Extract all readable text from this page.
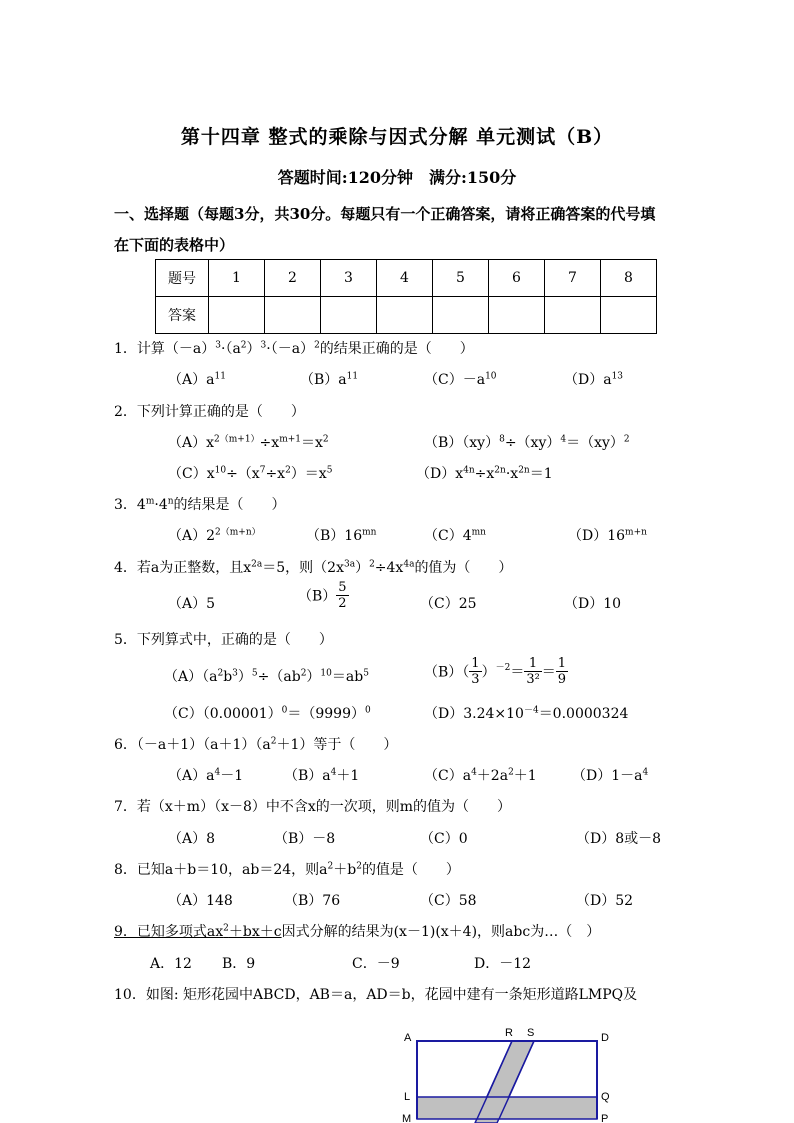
第十四章 整式的乘除与因式分解 单元测试（B）
答题时间:120分钟　满分:150分
一、选择题（每题3分，共30分。每题只有一个正确答案，请将正确答案的代号填
在下面的表格中）
题号	1	2	3	4	5	6	7	8
答案								
1．计算$(-a)^3\cdot(a^2)^3\cdot(-a)^2$的结果正确的是（　　）
$(A)a^{11}$	$(B)a^{11}$	$(C)-a^{10}$	$(D)a^{13}$
2．下列计算正确的是（　　）
$(A)x^{2(m+1)}\div x^{m+1}=x^2$	（B）（xy）$^8$÷（xy）$^4$＝（xy）$^2$
$(C)x^{10}\div(x^7\div x^2)=x^5$	$(D)x^{4n}\div x^{2n}\cdot x^{2n}=1$
3．$4^m\cdot 4^n$的结果是（　　）
$(A)2^{2(m+n)}$	$(B)16^{mn}$	$(C)4^{mn}$	$(D)16^{m+n}$
4．若a为正整数，且$x^{2a}=5$，则$(2x^{3a})^2\div 4x^{4a}$的值为（　　）
（A）5	$(B) \frac{5}{2}$	（C）25	（D）10
5．下列算式中，正确的是（　　）
$(A)(a^2b^3)^5\div(ab^2)^{10}=ab^5$	$(B)( \frac{1}{3} )^{-2}= \frac{1}{\text{3²}} = \frac{1}{9}$
$(C)(0.00001)^0=(9999)^0$	$(D)3.24\times 10^{-4}=0.0000324$
6．$(-a+1)(a+1)(a^2+1)$等于（　　）
$(A)a^4-1$	$(B)a^4+1$	$(C)a^4+2a^2+1$	$(D)1-a^4$
7．若（x＋m）（x－8）中不含x的一次项，则m的值为（　　）
（A）8	（B）－8	（C）0	（D）8或－8
8．已知a＋b＝10，ab＝24，则$a^2+b^2$的值是（　　）
（A）148	（B）76	（C）58	（D）52
9．已知多项式$ax^2+bx+c$因式分解的结果为(x－1)(x＋4)，则abc为…（　）
A．12 B．9	C．－9	D．－12
10．如图: 矩形花园中ABCD，AB＝a，AD＝b，花园中建有一条矩形道路LMPQ及
A	R S	D
L	Q
M	P
